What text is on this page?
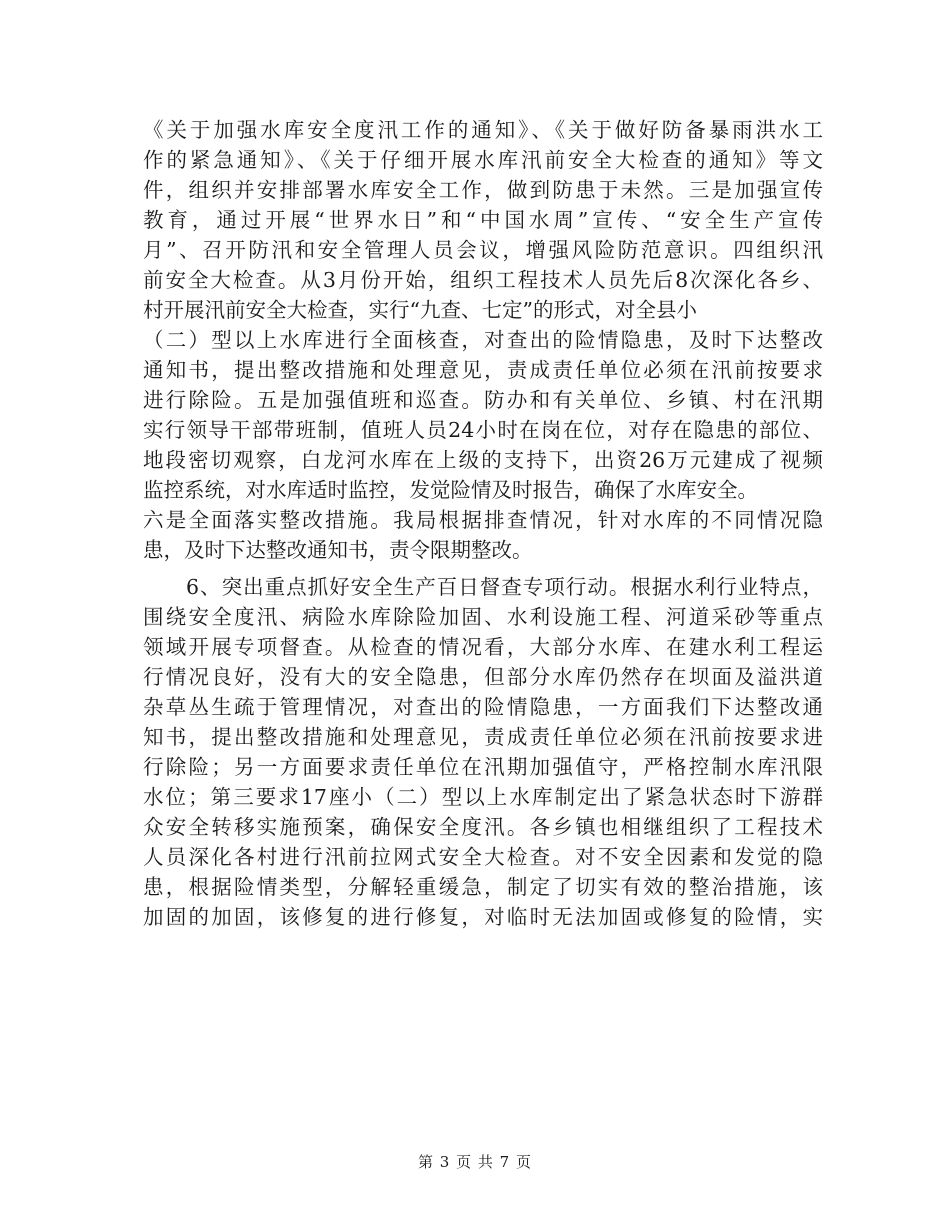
《关于加强水库安全度汛工作的通知》、《关于做好防备暴雨洪水工
作的紧急通知》、《关于仔细开展水库汛前安全大检查的通知》等文
件，组织并安排部署水库安全工作，做到防患于未然。三是加强宣传
教育，通过开展“世界水日”和“中国水周”宣传、“安全生产宣传
月”、召开防汛和安全管理人员会议，增强风险防范意识。四组织汛
前安全大检查。从3月份开始，组织工程技术人员先后8次深化各乡、
村开展汛前安全大检查，实行“九查、七定”的形式，对全县小
（二）型以上水库进行全面核查，对查出的险情隐患，及时下达整改
通知书，提出整改措施和处理意见，责成责任单位必须在汛前按要求
进行除险。五是加强值班和巡查。防办和有关单位、乡镇、村在汛期
实行领导干部带班制，值班人员24小时在岗在位，对存在隐患的部位、
地段密切观察，白龙河水库在上级的支持下，出资26万元建成了视频
监控系统，对水库适时监控，发觉险情及时报告，确保了水库安全。
六是全面落实整改措施。我局根据排查情况，针对水库的不同情况隐
患，及时下达整改通知书，责令限期整改。
6、突出重点抓好安全生产百日督查专项行动。根据水利行业特点，
围绕安全度汛、病险水库除险加固、水利设施工程、河道采砂等重点
领域开展专项督查。从检查的情况看，大部分水库、在建水利工程运
行情况良好，没有大的安全隐患，但部分水库仍然存在坝面及溢洪道
杂草丛生疏于管理情况，对查出的险情隐患，一方面我们下达整改通
知书，提出整改措施和处理意见，责成责任单位必须在汛前按要求进
行除险；另一方面要求责任单位在汛期加强值守，严格控制水库汛限
水位；第三要求17座小（二）型以上水库制定出了紧急状态时下游群
众安全转移实施预案，确保安全度汛。各乡镇也相继组织了工程技术
人员深化各村进行汛前拉网式安全大检查。对不安全因素和发觉的隐
患，根据险情类型，分解轻重缓急，制定了切实有效的整治措施，该
加固的加固，该修复的进行修复，对临时无法加固或修复的险情，实
第 3 页 共 7 页
